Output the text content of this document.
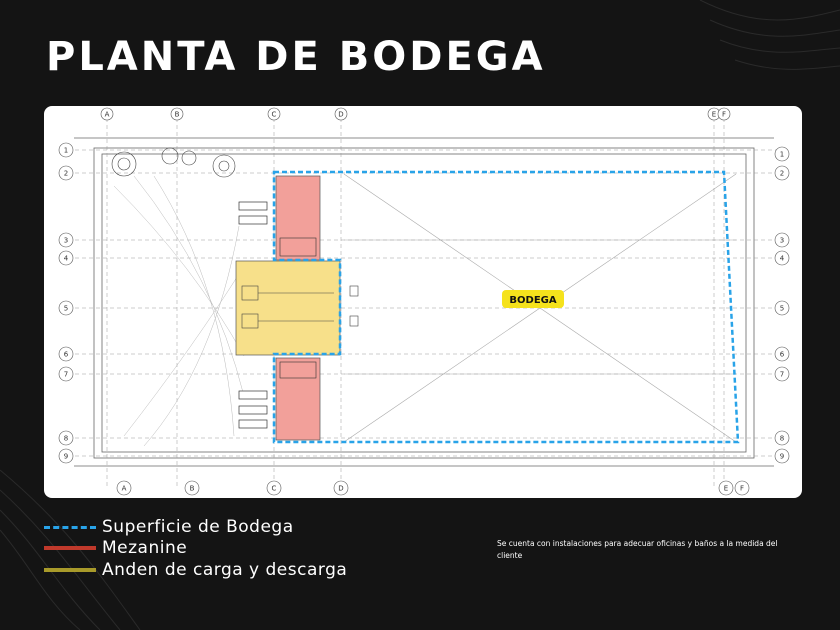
PLANTA DE BODEGA
A	B	C	D	E F
A	B	C	D	E F
1
2
3
4
5
6
7
8
9
1
2
3
4
5
6
7
8
9
BODEGA
Superficie de Bodega
Mezanine
Anden de carga y descarga
Se cuenta con instalaciones para adecuar oficinas y baños a la medida del cliente
